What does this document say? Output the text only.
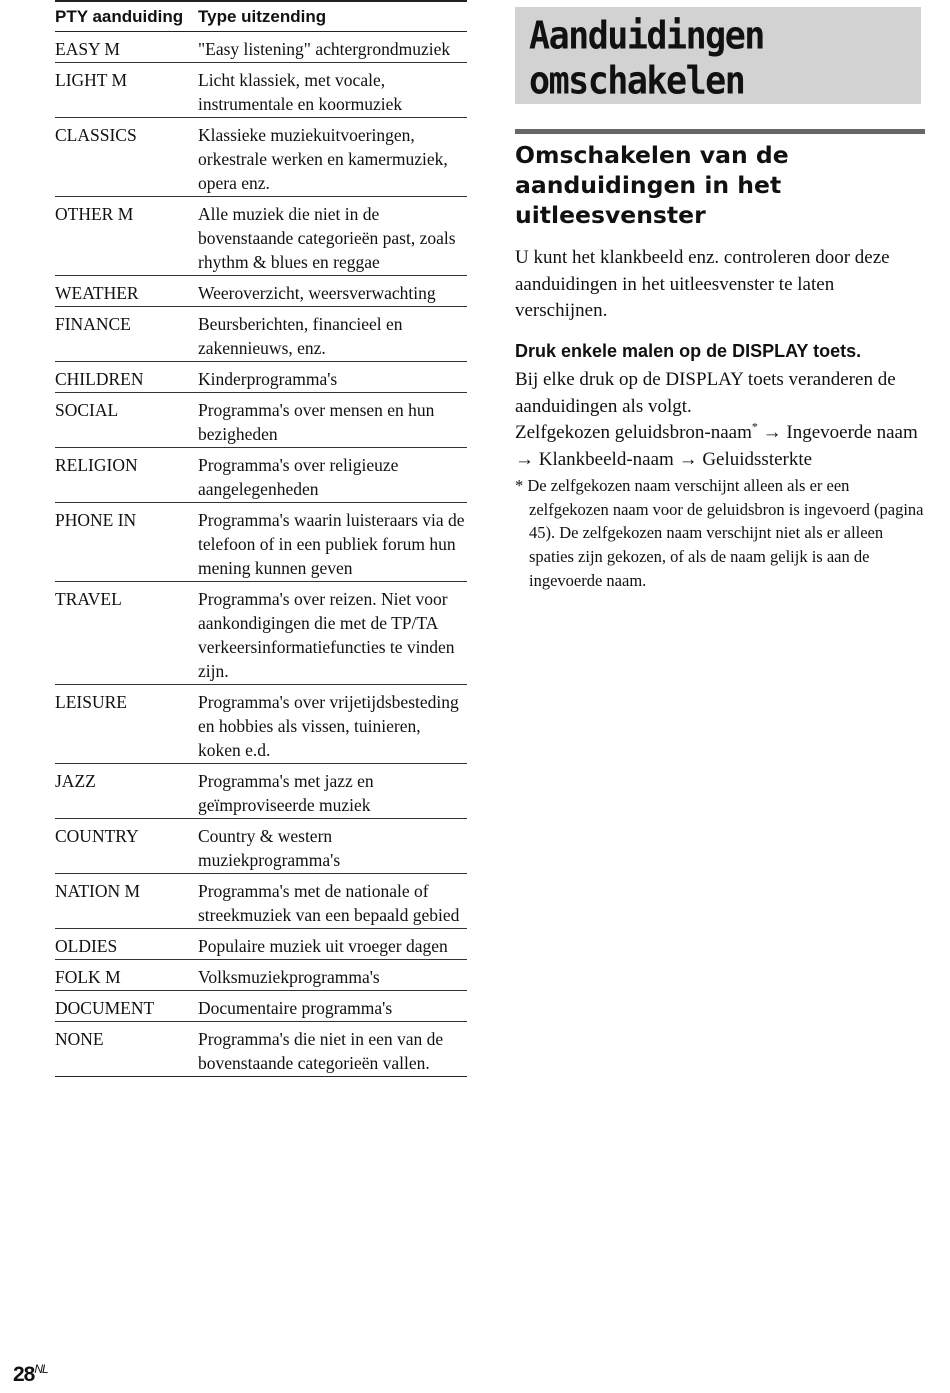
PTY aanduiding	Type uitzending
EASY M	"Easy listening" achtergrondmuziek
LIGHT M	Licht klassiek, met vocale, instrumentale en koormuziek
CLASSICS	Klassieke muziekuitvoeringen, orkestrale werken en kamermuziek, opera enz.
OTHER M	Alle muziek die niet in de bovenstaande categorieën past, zoals rhythm & blues en reggae
WEATHER	Weeroverzicht, weersverwachting
FINANCE	Beursberichten, financieel en zakennieuws, enz.
CHILDREN	Kinderprogramma's
SOCIAL	Programma's over mensen en hun bezigheden
RELIGION	Programma's over religieuze aangelegenheden
PHONE IN	Programma's waarin luisteraars via de telefoon of in een publiek forum hun mening kunnen geven
TRAVEL	Programma's over reizen. Niet voor aankondigingen die met de TP/TA verkeersinformatiefuncties te vinden zijn.
LEISURE	Programma's over vrijetijdsbesteding en hobbies als vissen, tuinieren, koken e.d.
JAZZ	Programma's met jazz en geïmproviseerde muziek
COUNTRY	Country & western muziekprogramma's
NATION M	Programma's met de nationale of streekmuziek van een bepaald gebied
OLDIES	Populaire muziek uit vroeger dagen
FOLK M	Volksmuziekprogramma's
DOCUMENT	Documentaire programma's
NONE	Programma's die niet in een van de bovenstaande categorieën vallen.
Aanduidingen
omschakelen
Omschakelen van de aanduidingen in het uitleesvenster

U kunt het klankbeeld enz. controleren door deze aanduidingen in het uitleesvenster te laten verschijnen.

Druk enkele malen op de DISPLAY toets.

Bij elke druk op de DISPLAY toets veranderen de aanduidingen als volgt.
Zelfgekozen geluidsbron-naam* → Ingevoerde naam → Klankbeeld-naam → Geluidssterkte

* De zelfgekozen naam verschijnt alleen als er een zelfgekozen naam voor de geluidsbron is ingevoerd (pagina 45). De zelfgekozen naam verschijnt niet als er alleen spaties zijn gekozen, of als de naam gelijk is aan de ingevoerde naam.

$28^{NL}$
